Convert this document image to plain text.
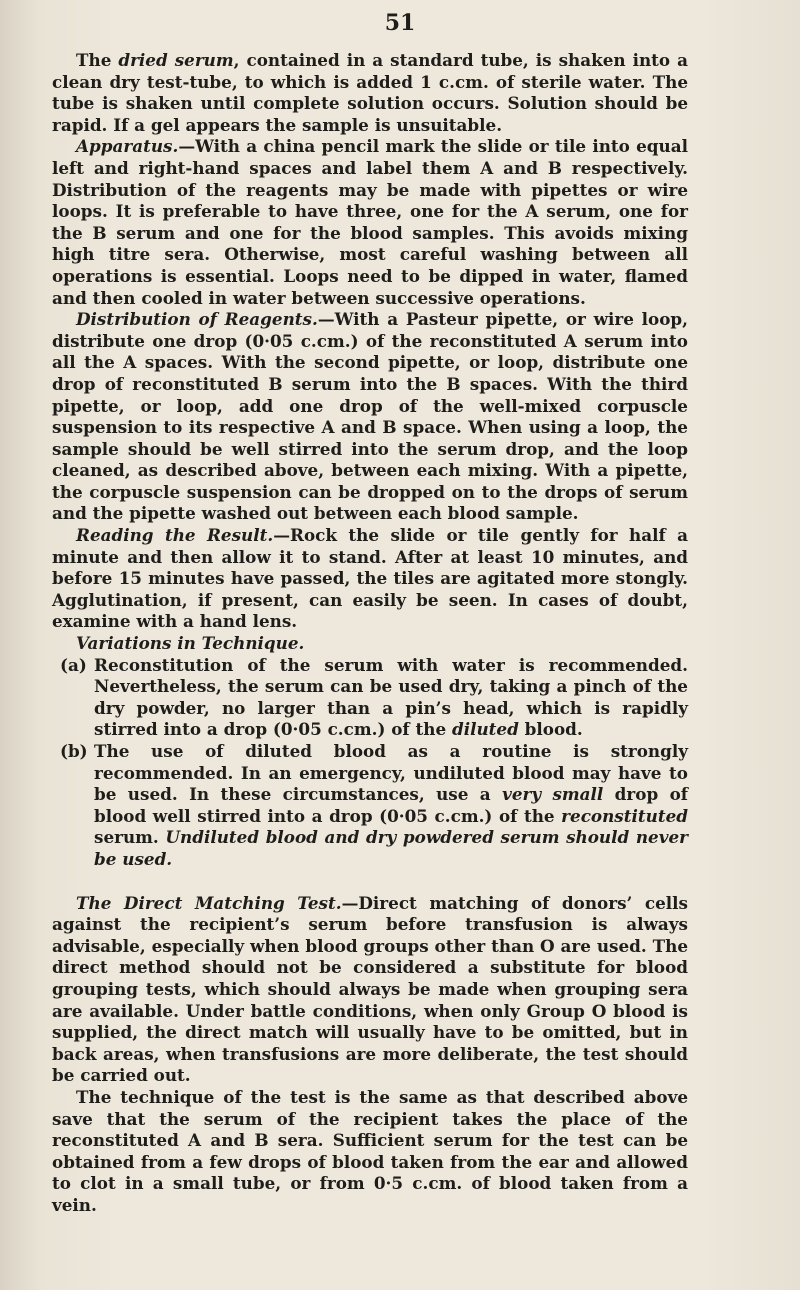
51

The dried serum, contained in a standard tube, is shaken into a clean dry test-tube, to which is added 1 c.cm. of sterile water. The tube is shaken until complete solution occurs. Solution should be rapid. If a gel appears the sample is unsuitable.

Apparatus.—With a china pencil mark the slide or tile into equal left and right-hand spaces and label them A and B respectively. Distribution of the reagents may be made with pipettes or wire loops. It is preferable to have three, one for the A serum, one for the B serum and one for the blood samples. This avoids mixing high titre sera. Otherwise, most careful washing between all operations is essential. Loops need to be dipped in water, flamed and then cooled in water between successive operations.

Distribution of Reagents.—With a Pasteur pipette, or wire loop, distribute one drop (0·05 c.cm.) of the reconstituted A serum into all the A spaces. With the second pipette, or loop, distribute one drop of reconstituted B serum into the B spaces. With the third pipette, or loop, add one drop of the well-mixed corpuscle suspension to its respective A and B space. When using a loop, the sample should be well stirred into the serum drop, and the loop cleaned, as described above, between each mixing. With a pipette, the corpuscle suspension can be dropped on to the drops of serum and the pipette washed out between each blood sample.

Reading the Result.—Rock the slide or tile gently for half a minute and then allow it to stand. After at least 10 minutes, and before 15 minutes have passed, the tiles are agitated more stongly. Agglutination, if present, can easily be seen. In cases of doubt, examine with a hand lens.

Variations in Technique.

(a) Reconstitution of the serum with water is recommended. Nevertheless, the serum can be used dry, taking a pinch of the dry powder, no larger than a pin’s head, which is rapidly stirred into a drop (0·05 c.cm.) of the diluted blood.
(b) The use of diluted blood as a routine is strongly recommended. In an emergency, undiluted blood may have to be used. In these circumstances, use a very small drop of blood well stirred into a drop (0·05 c.cm.) of the reconstituted serum. Undiluted blood and dry powdered serum should never be used.

The Direct Matching Test.—Direct matching of donors’ cells against the recipient’s serum before transfusion is always advisable, especially when blood groups other than O are used. The direct method should not be considered a substitute for blood grouping tests, which should always be made when grouping sera are available. Under battle conditions, when only Group O blood is supplied, the direct match will usually have to be omitted, but in back areas, when transfusions are more deliberate, the test should be carried out.

The technique of the test is the same as that described above save that the serum of the recipient takes the place of the reconstituted A and B sera. Sufficient serum for the test can be obtained from a few drops of blood taken from the ear and allowed to clot in a small tube, or from 0·5 c.cm. of blood taken from a vein.
